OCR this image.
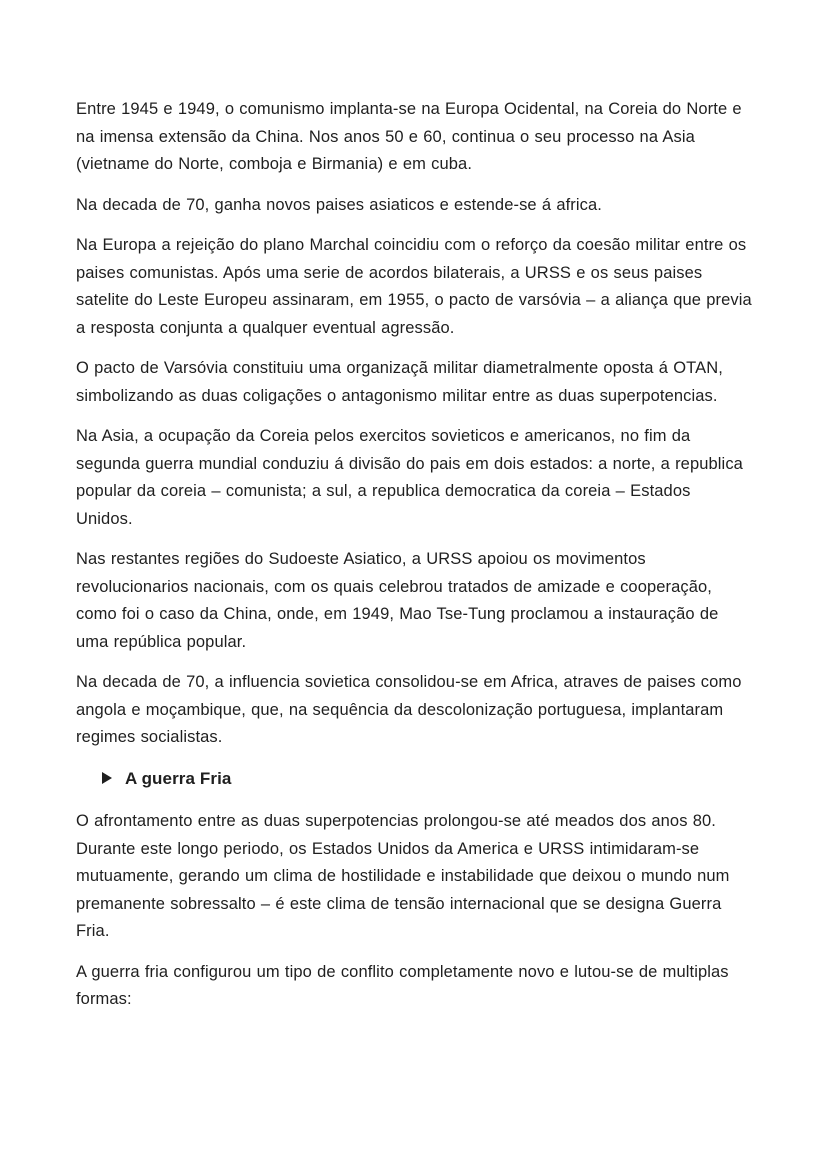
Entre 1945 e 1949, o comunismo implanta-se na Europa Ocidental, na Coreia do Norte e na imensa extensão da China. Nos anos 50 e 60, continua o seu processo na Asia (vietname do Norte, comboja e Birmania) e em cuba.

Na decada de 70, ganha novos paises asiaticos e estende-se á africa.

Na Europa a rejeição do plano Marchal coincidiu com o reforço da coesão militar entre os paises comunistas. Após uma serie de acordos bilaterais, a URSS e os seus paises satelite do Leste Europeu assinaram, em 1955, o pacto de varsóvia – a aliança que previa a resposta conjunta a qualquer eventual agressão.

O pacto de Varsóvia constituiu uma organizaçã militar diametralmente oposta á OTAN, simbolizando as duas coligações o antagonismo militar entre as duas superpotencias.

Na Asia, a ocupação da Coreia pelos exercitos sovieticos e americanos, no fim da segunda guerra mundial conduziu á divisão do pais em dois estados: a norte, a republica popular da coreia – comunista; a sul, a republica democratica da coreia – Estados Unidos.

Nas restantes regiões do Sudoeste Asiatico, a URSS apoiou os movimentos revolucionarios nacionais, com os quais celebrou tratados de amizade e cooperação, como foi o caso da China, onde, em 1949, Mao Tse-Tung proclamou a instauração de uma república popular.

Na decada de 70, a influencia sovietica consolidou-se em Africa, atraves de paises como angola e moçambique, que, na sequência da descolonização portuguesa, implantaram regimes socialistas.

A guerra Fria

O afrontamento entre as duas superpotencias prolongou-se até meados dos anos 80. Durante este longo periodo, os Estados Unidos da America e URSS intimidaram-se mutuamente, gerando um clima de hostilidade e instabilidade que deixou o mundo num premanente sobressalto – é este clima de tensão internacional que se designa Guerra Fria.

A guerra fria configurou um tipo de conflito completamente novo e lutou-se de multiplas formas:
